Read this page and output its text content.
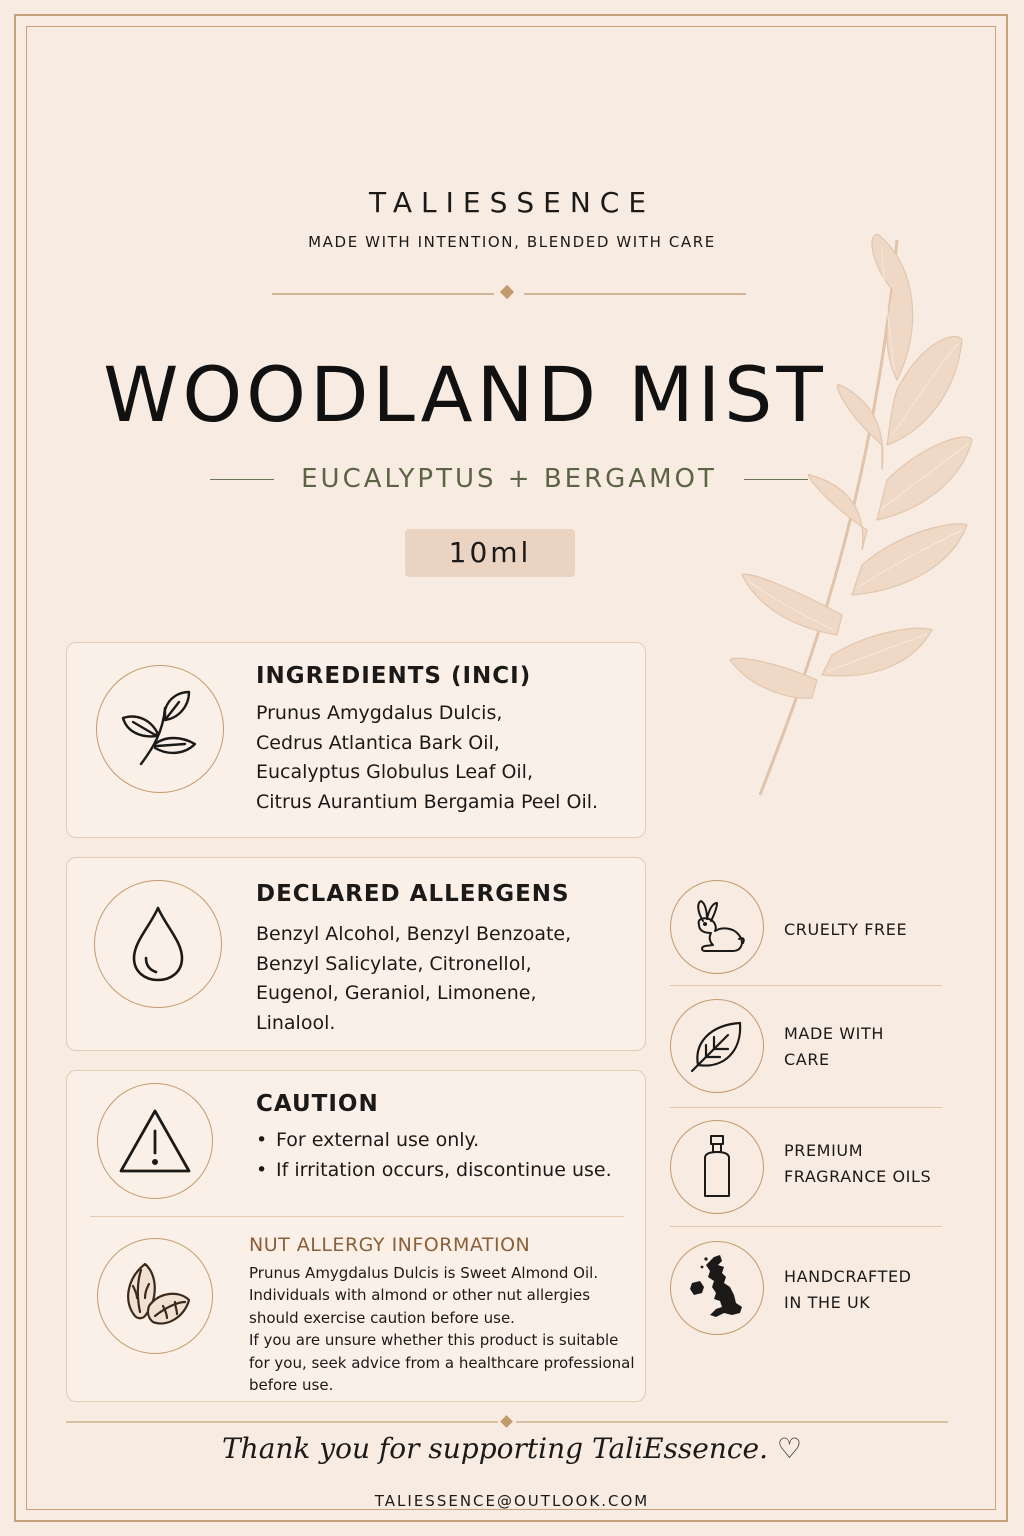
TALIESSENCE
MADE WITH INTENTION, BLENDED WITH CARE
WOODLAND MIST
EUCALYPTUS + BERGAMOT
10ml
INGREDIENTS (INCI)
Prunus Amygdalus Dulcis,
Cedrus Atlantica Bark Oil,
Eucalyptus Globulus Leaf Oil,
Citrus Aurantium Bergamia Peel Oil.
DECLARED ALLERGENS
Benzyl Alcohol, Benzyl Benzoate,
Benzyl Salicylate, Citronellol,
Eugenol, Geraniol, Limonene,
Linalool.
CAUTION
• For external use only.
• If irritation occurs, discontinue use.
NUT ALLERGY INFORMATION
Prunus Amygdalus Dulcis is Sweet Almond Oil.
Individuals with almond or other nut allergies
should exercise caution before use.
If you are unsure whether this product is suitable
for you, seek advice from a healthcare professional
before use.
CRUELTY FREE
MADE WITH
CARE
PREMIUM
FRAGRANCE OILS
HANDCRAFTED
IN THE UK
Thank you for supporting TaliEssence. ♡
TALIESSENCE@OUTLOOK.COM
